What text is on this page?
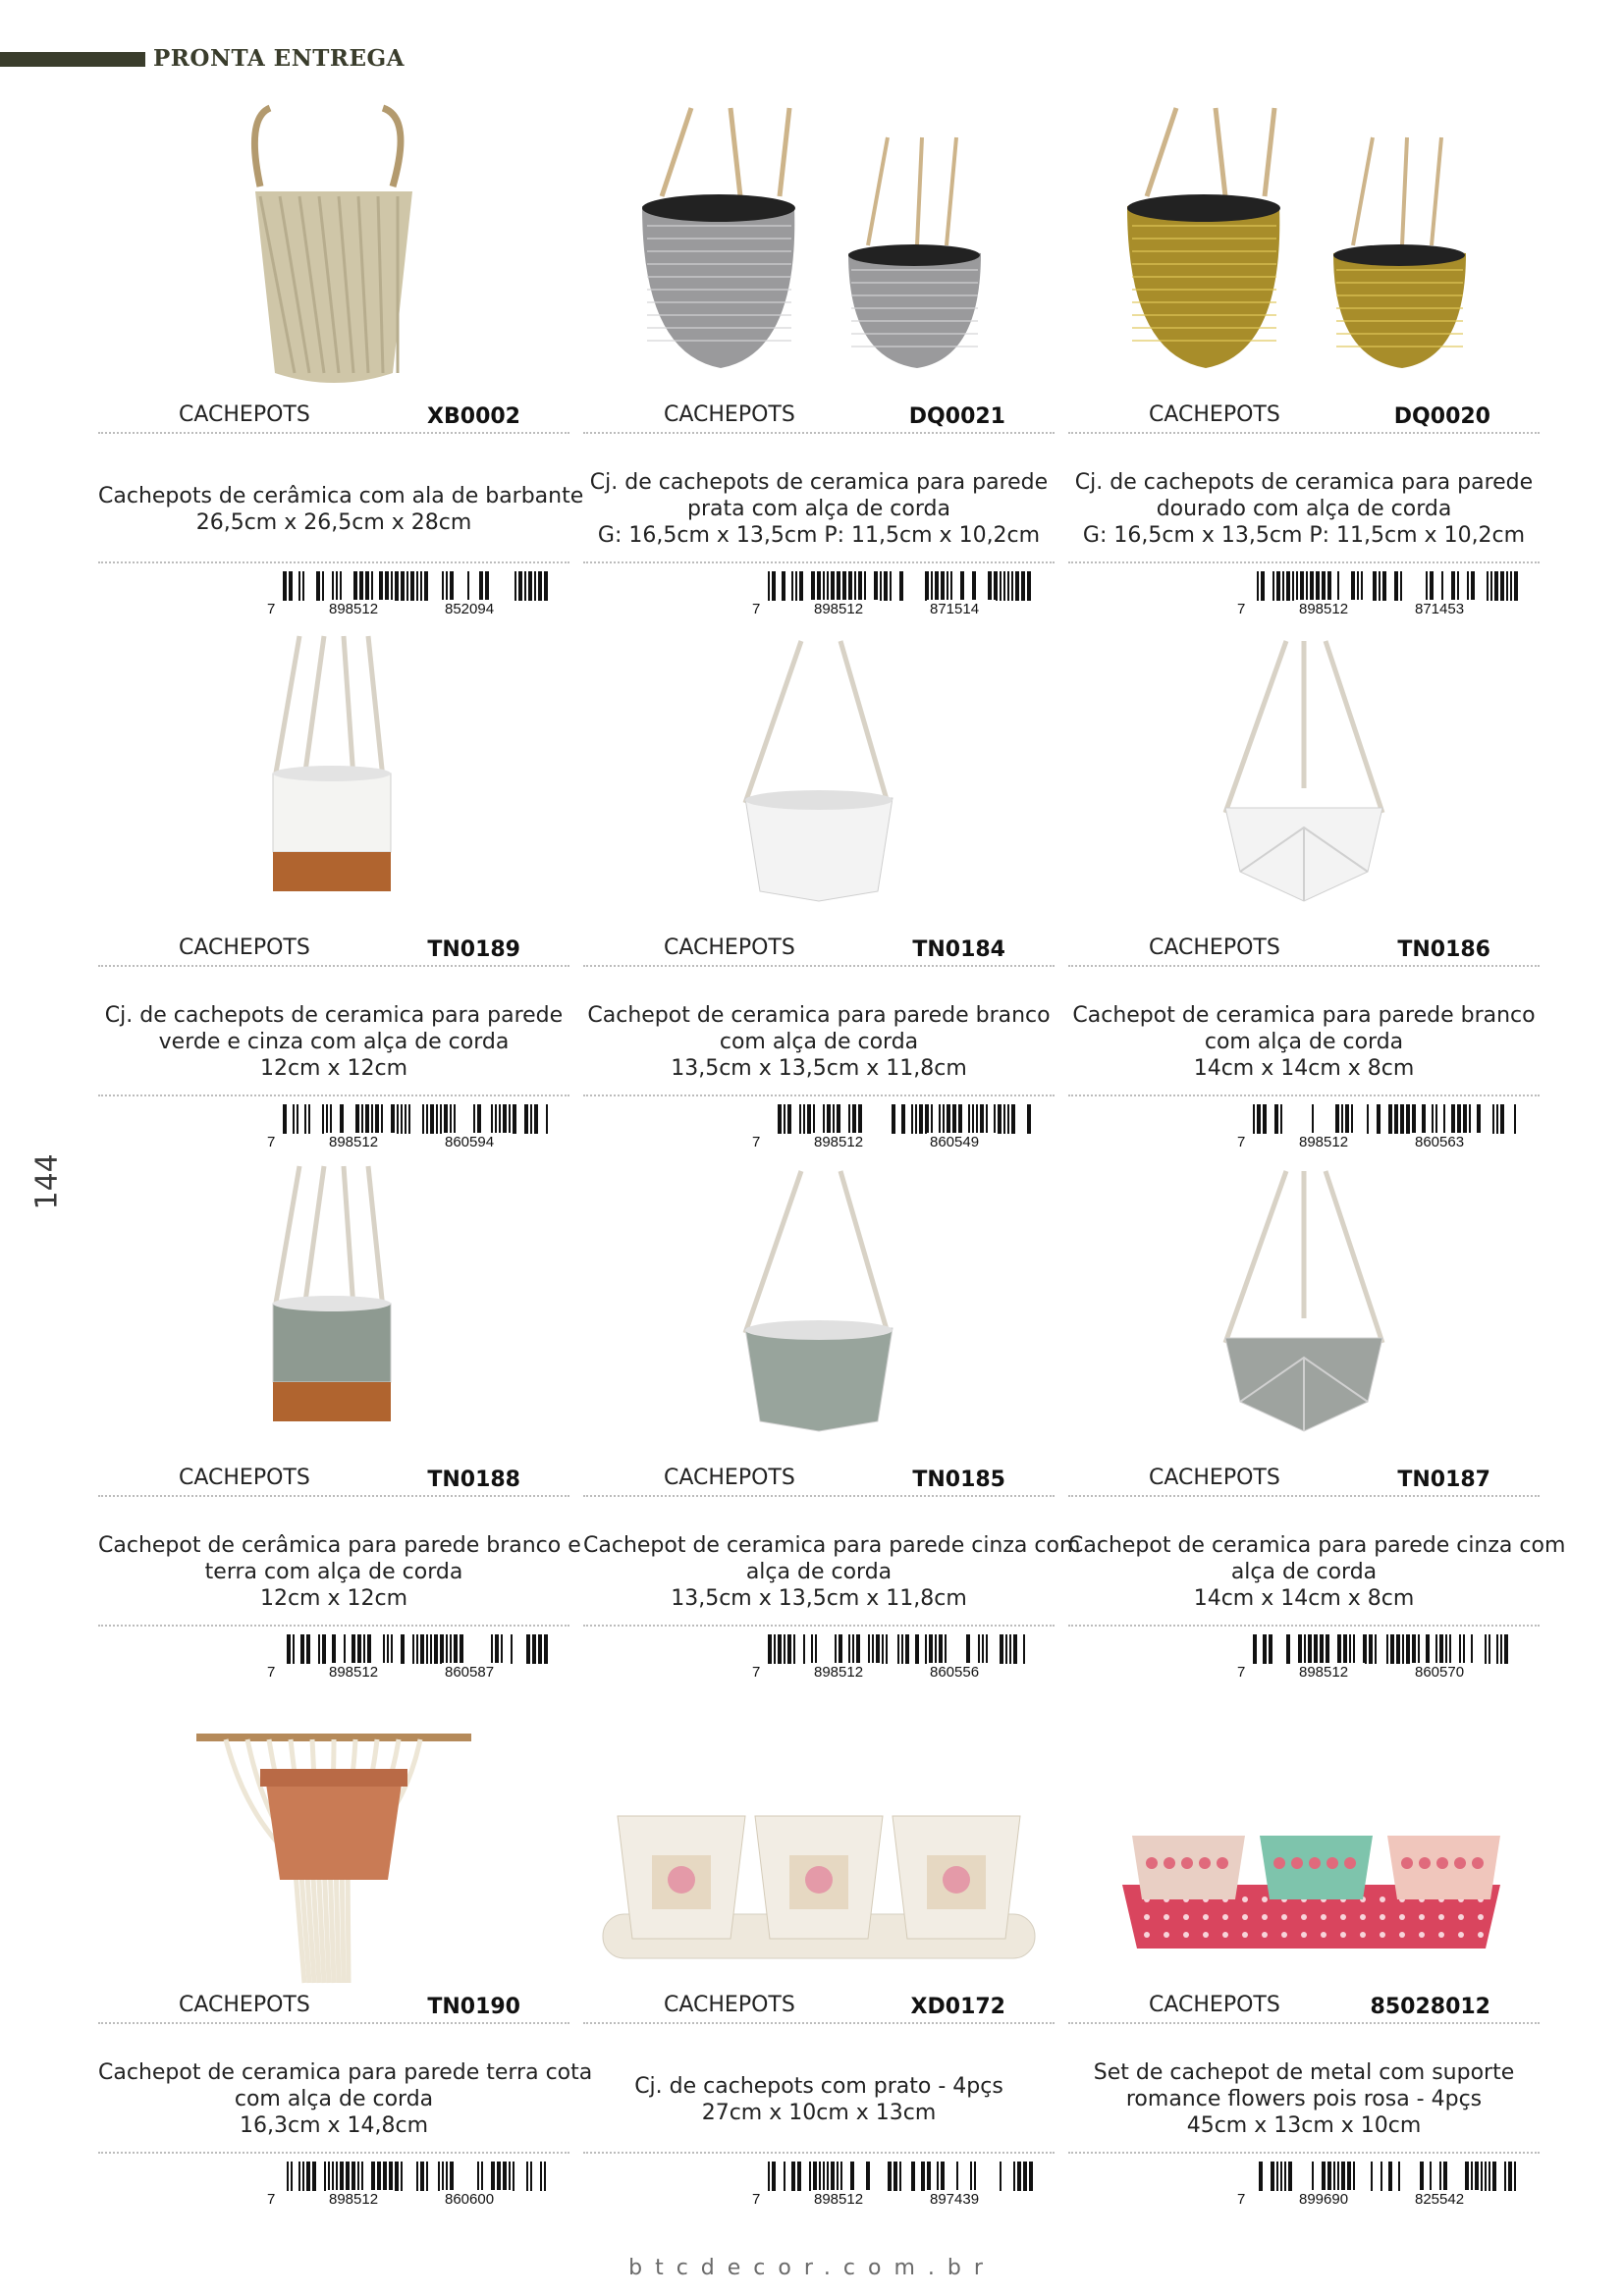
PRONTA ENTREGA
144
CACHEPOTS	XB0002
Cachepots de cerâmica com ala de barbante
26,5cm x 26,5cm x 28cm
7	898512	852094
CACHEPOTS	DQ0021
Cj. de cachepots de ceramica para parede
prata com alça de corda
G: 16,5cm x 13,5cm P: 11,5cm x 10,2cm
7	898512	871514
CACHEPOTS	DQ0020
Cj. de cachepots de ceramica para parede
dourado com alça de corda
G: 16,5cm x 13,5cm P: 11,5cm x 10,2cm
7	898512	871453
CACHEPOTS	TN0189
Cj. de cachepots de ceramica para parede
verde e cinza com alça de corda
12cm x 12cm
7	898512	860594
CACHEPOTS	TN0184
Cachepot de ceramica para parede branco
com alça de corda
13,5cm x 13,5cm x 11,8cm
7	898512	860549
CACHEPOTS	TN0186
Cachepot de ceramica para parede branco
com alça de corda
14cm x 14cm x 8cm
7	898512	860563
CACHEPOTS	TN0188
Cachepot de cerâmica para parede branco e
terra com alça de corda
12cm x 12cm
7	898512	860587
CACHEPOTS	TN0185
Cachepot de ceramica para parede cinza com
alça de corda
13,5cm x 13,5cm x 11,8cm
7	898512	860556
CACHEPOTS	TN0187
Cachepot de ceramica para parede cinza com
alça de corda
14cm x 14cm x 8cm
7	898512	860570
CACHEPOTS	TN0190
Cachepot de ceramica para parede terra cota
com alça de corda
16,3cm x 14,8cm
7	898512	860600
CACHEPOTS	XD0172
Cj. de cachepots com prato - 4pçs
27cm x 10cm x 13cm
7	898512	897439
CACHEPOTS	85028012
Set de cachepot de metal com suporte
romance flowers pois rosa - 4pçs
45cm x 13cm x 10cm
7	899690	825542
btcdecor.com.br
